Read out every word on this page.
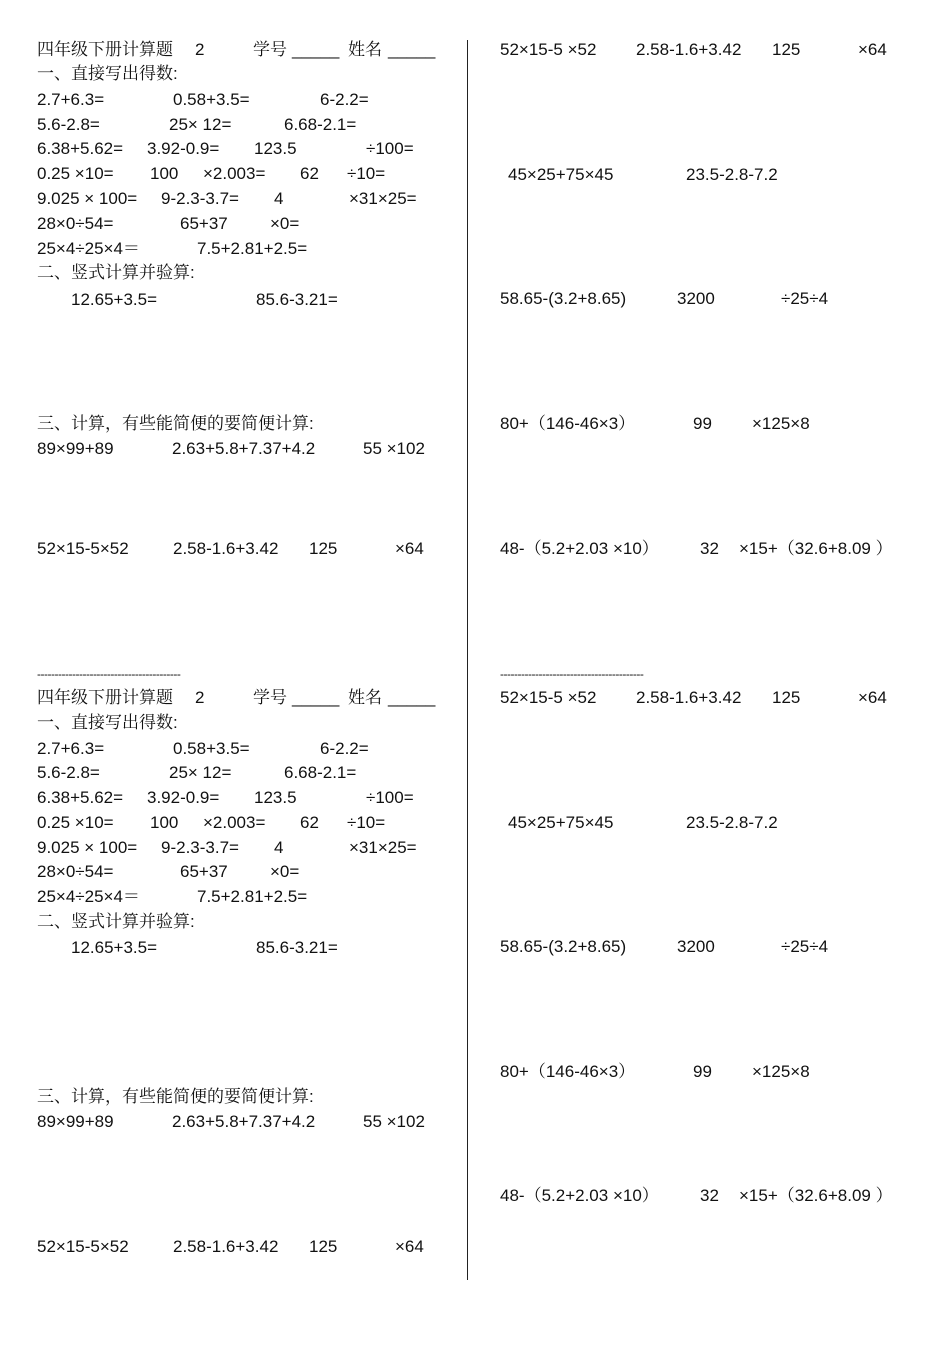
四年级下册计算题 2	学号 _____ 姓名 _____
一、直接写出得数:
2.7+6.3=	0.58+3.5=	6-2.2=
5.6-2.8=	25× 12=	6.68-2.1=
6.38+5.62= 3.92-0.9= 123.5	÷100=
0.25 ×10= 100 ×2.003= 62 ÷10=
9.025 × 100= 9-2.3-3.7= 4	×31×25=
28×0÷54=	65+37 ×0=
25×4÷25×4＝	7.5+2.81+2.5=
二、竖式计算并验算:
12.65+3.5=	85.6-3.21=
三、计算，有些能简便的要简便计算:
89×99+89	2.63+5.8+7.37+4.2	55 ×102
52×15-5×52	2.58-1.6+3.42 125	×64
52×15-5 ×52 2.58-1.6+3.42 125	×64
45×25+75×45	23.5-2.8-7.2
58.65-(3.2+8.65)	3200	÷25÷4
80+（146-46×3）	99 ×125×8
48-（5.2+2.03 ×10） 32 ×15+（32.6+8.09 ）
-----------------------------------------	-----------------------------------------
四年级下册计算题 2	学号 _____ 姓名 _____
一、直接写出得数:
2.7+6.3=	0.58+3.5=	6-2.2=
5.6-2.8=	25× 12=	6.68-2.1=
6.38+5.62= 3.92-0.9= 123.5	÷100=
0.25 ×10= 100 ×2.003= 62 ÷10=
9.025 × 100= 9-2.3-3.7= 4	×31×25=
28×0÷54=	65+37 ×0=
25×4÷25×4＝	7.5+2.81+2.5=
二、竖式计算并验算:
12.65+3.5=	85.6-3.21=
三、计算，有些能简便的要简便计算:
89×99+89	2.63+5.8+7.37+4.2	55 ×102
52×15-5×52	2.58-1.6+3.42 125	×64
52×15-5 ×52 2.58-1.6+3.42 125	×64
45×25+75×45	23.5-2.8-7.2
58.65-(3.2+8.65)	3200	÷25÷4
80+（146-46×3）	99 ×125×8
48-（5.2+2.03 ×10） 32 ×15+（32.6+8.09 ）
